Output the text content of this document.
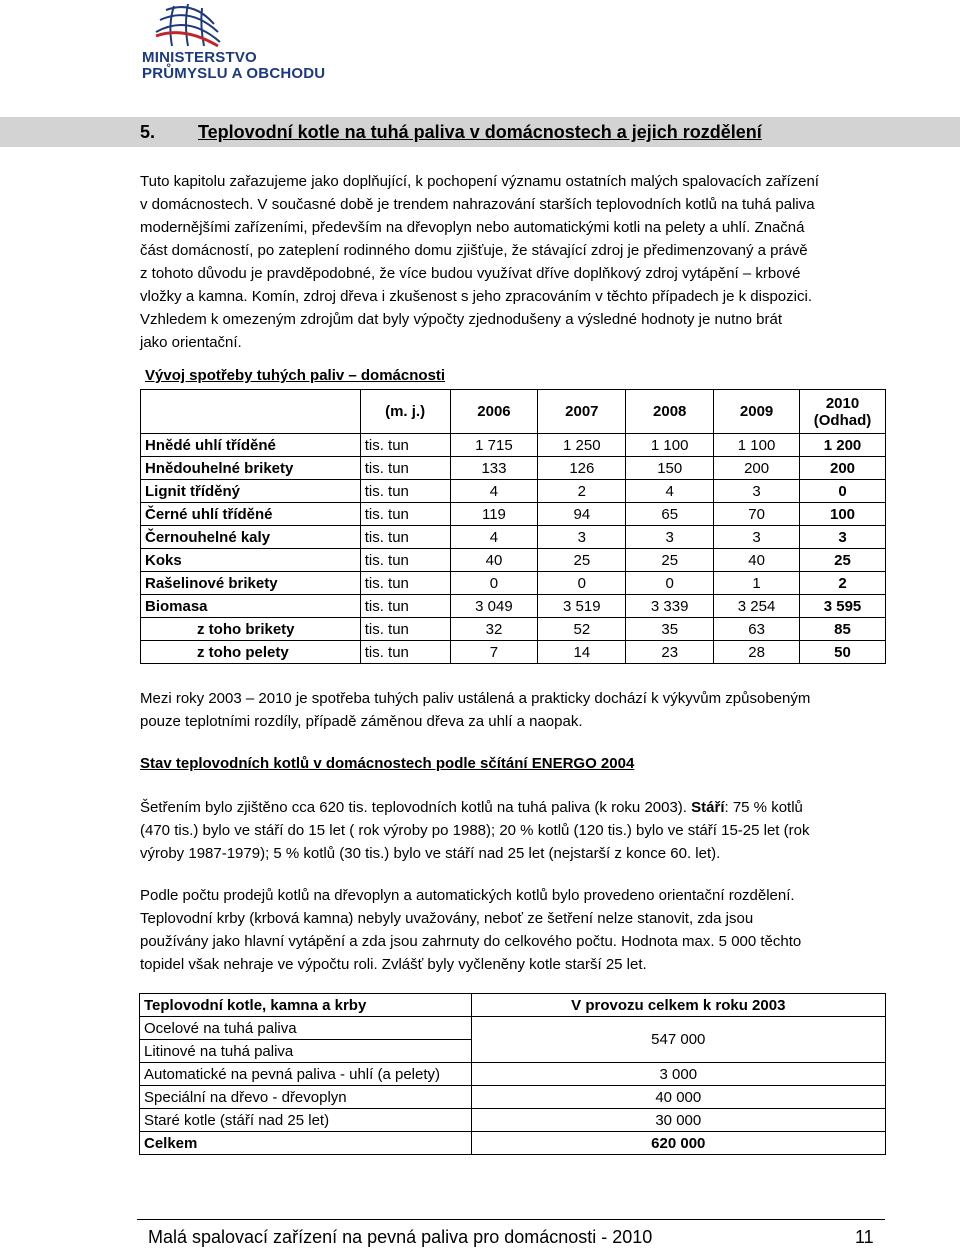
MINISTERSTVO
PRŮMYSLU A OBCHODU
5. Teplovodní kotle na tuhá paliva v domácnostech a jejich rozdělení
Tuto kapitolu zařazujeme jako doplňující, k pochopení významu ostatních malých spalovacích zařízení
v domácnostech. V současné době je trendem nahrazování starších teplovodních kotlů na tuhá paliva
modernějšími zařízeními, především na dřevoplyn nebo automatickými kotli na pelety a uhlí. Značná
část domácností, po zateplení rodinného domu zjišťuje, že stávající zdroj je předimenzovaný a právě
z tohoto důvodu je pravděpodobné, že více budou využívat dříve doplňkový zdroj vytápění – krbové
vložky a kamna. Komín, zdroj dřeva i zkušenost s jeho zpracováním v těchto případech je k dispozici.
Vzhledem k omezeným zdrojům dat byly výpočty zjednodušeny a výsledné hodnoty je nutno brát
jako orientační.
Vývoj spotřeby tuhých paliv – domácnosti
	(m. j.)	2006	2007	2008	2009	2010
(Odhad)

Hnědé uhlí tříděné	tis. tun	1 715	1 250	1 100	1 100	1 200
Hnědouhelné brikety	tis. tun	133	126	150	200	200
Lignit tříděný	tis. tun	4	2	4	3	0
Černé uhlí tříděné	tis. tun	119	94	65	70	100
Černouhelné kaly	tis. tun	4	3	3	3	3
Koks	tis. tun	40	25	25	40	25
Rašelinové brikety	tis. tun	0	0	0	1	2
Biomasa	tis. tun	3 049	3 519	3 339	3 254	3 595
z toho brikety	tis. tun	32	52	35	63	85
z toho pelety	tis. tun	7	14	23	28	50
Mezi roky 2003 – 2010 je spotřeba tuhých paliv ustálená a prakticky dochází k výkyvům způsobeným
pouze teplotními rozdíly, případě záměnou dřeva za uhlí a naopak.
Stav teplovodních kotlů v domácnostech podle sčítání ENERGO 2004
Šetřením bylo zjištěno cca 620 tis. teplovodních kotlů na tuhá paliva (k roku 2003). Stáří: 75 % kotlů
(470 tis.) bylo ve stáří do 15 let ( rok výroby po 1988); 20 % kotlů (120 tis.) bylo ve stáří 15-25 let (rok
výroby 1987-1979); 5 % kotlů (30 tis.) bylo ve stáří nad 25 let (nejstarší z konce 60. let).
Podle počtu prodejů kotlů na dřevoplyn a automatických kotlů bylo provedeno orientační rozdělení.
Teplovodní krby (krbová kamna) nebyly uvažovány, neboť ze šetření nelze stanovit, zda jsou
používány jako hlavní vytápění a zda jsou zahrnuty do celkového počtu. Hodnota max. 5 000 těchto
topidel však nehraje ve výpočtu roli. Zvlášť byly vyčleněny kotle starší 25 let.
Teplovodní kotle, kamna a krby	V provozu celkem k roku 2003
Ocelové na tuhá paliva	547 000
Litinové na tuhá paliva	
Automatické na pevná paliva - uhlí (a pelety)	3 000
Speciální na dřevo - dřevoplyn	40 000
Staré kotle (stáří nad 25 let)	30 000
Celkem	620 000
Malá spalovací zařízení na pevná paliva pro domácnosti - 2010	11
